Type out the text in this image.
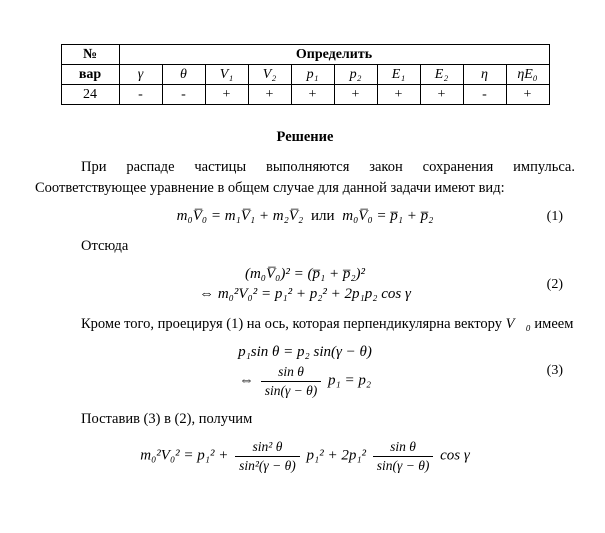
№	Определить									
вар	γ	θ	V₁	V₂	p₁	p₂	E₁	E₂	η	ηE₀
24	-	-	+	+	+	+	+	+	-	+
Решение
При распаде частицы выполняются закон сохранения импульса. Соответствующее уравнение в общем случае для данной задачи имеют вид:
m₀V̅₀ = m₁V̅₁ + m₂V̅₂ или m₀V̅₀ = p̅₁ + p̅₂	(1)
Отсюда
(m₀V̅₀)² = (p̅₁ + p̅₂)²
⇔ m₀²V₀² = p₁² + p₂² + 2p₁p₂ cos γ
(2)
Кроме того, проецируя (1) на ось, которая перпендикулярна вектору V⃗₀ имеем
p₁sin θ = p₂ sin(γ − θ)
⇔ $\frac{\text{sin θ}}{\sin(\gamma - \theta)} p_1 = p_2$
(3)
Поставив (3) в (2), получим
$m_0^2V_0^2 = p_1^2 + \frac{\text{sin² θ}}{\text{sin²(γ − θ)}} p_1^2 + 2p_1^2 \frac{\text{sin θ}}{\sin(\gamma - \theta)}$ cos γ
